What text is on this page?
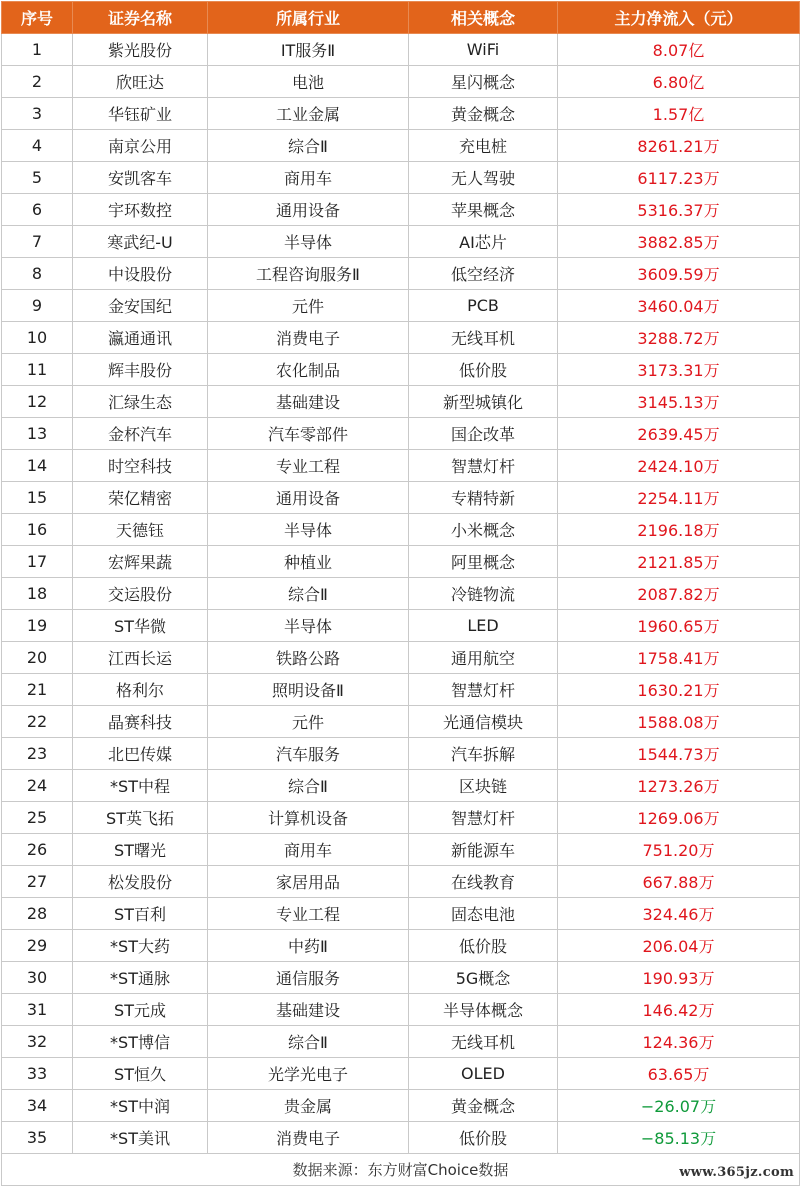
序号	证券名称	所属行业	相关概念	主力净流入（元）
1	紫光股份	IT服务Ⅱ	WiFi	8.07亿
2	欣旺达	电池	星闪概念	6.80亿
3	华钰矿业	工业金属	黄金概念	1.57亿
4	南京公用	综合Ⅱ	充电桩	8261.21万
5	安凯客车	商用车	无人驾驶	6117.23万
6	宇环数控	通用设备	苹果概念	5316.37万
7	寒武纪-U	半导体	AI芯片	3882.85万
8	中设股份	工程咨询服务Ⅱ	低空经济	3609.59万
9	金安国纪	元件	PCB	3460.04万
10	瀛通通讯	消费电子	无线耳机	3288.72万
11	辉丰股份	农化制品	低价股	3173.31万
12	汇绿生态	基础建设	新型城镇化	3145.13万
13	金杯汽车	汽车零部件	国企改革	2639.45万
14	时空科技	专业工程	智慧灯杆	2424.10万
15	荣亿精密	通用设备	专精特新	2254.11万
16	天德钰	半导体	小米概念	2196.18万
17	宏辉果蔬	种植业	阿里概念	2121.85万
18	交运股份	综合Ⅱ	冷链物流	2087.82万
19	ST华微	半导体	LED	1960.65万
20	江西长运	铁路公路	通用航空	1758.41万
21	格利尔	照明设备Ⅱ	智慧灯杆	1630.21万
22	晶赛科技	元件	光通信模块	1588.08万
23	北巴传媒	汽车服务	汽车拆解	1544.73万
24	*ST中程	综合Ⅱ	区块链	1273.26万
25	ST英飞拓	计算机设备	智慧灯杆	1269.06万
26	ST曙光	商用车	新能源车	751.20万
27	松发股份	家居用品	在线教育	667.88万
28	ST百利	专业工程	固态电池	324.46万
29	*ST大药	中药Ⅱ	低价股	206.04万
30	*ST通脉	通信服务	5G概念	190.93万
31	ST元成	基础建设	半导体概念	146.42万
32	*ST博信	综合Ⅱ	无线耳机	124.36万
33	ST恒久	光学光电子	OLED	63.65万
34	*ST中润	贵金属	黄金概念	−26.07万
35	*ST美讯	消费电子	低价股	−85.13万
数据来源：东方财富Choice数据					www.365jz.com
